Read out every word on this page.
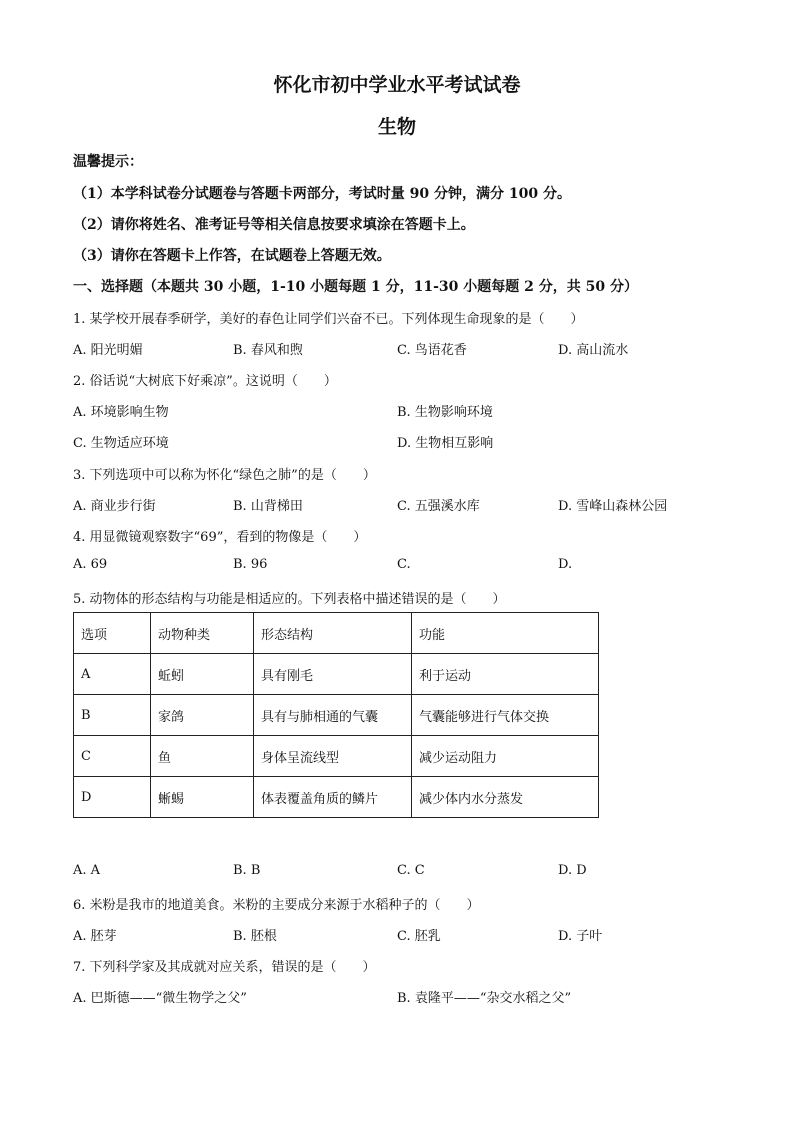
怀化市初中学业水平考试试卷
生物
温馨提示：
（1）本学科试卷分试题卷与答题卡两部分，考试时量 90 分钟，满分 100 分。
（2）请你将姓名、准考证号等相关信息按要求填涂在答题卡上。
（3）请你在答题卡上作答，在试题卷上答题无效。
一、选择题（本题共 30 小题，1-10 小题每题 1 分，11-30 小题每题 2 分，共 50 分）
1. 某学校开展春季研学，美好的春色让同学们兴奋不已。下列体现生命现象的是（　　）
A. 阳光明媚	B. 春风和煦	C. 鸟语花香	D. 高山流水
2. 俗话说“大树底下好乘凉”。这说明（　　）
A. 环境影响生物	B. 生物影响环境
C. 生物适应环境	D. 生物相互影响
3. 下列选项中可以称为怀化“绿色之肺”的是（　　）
A. 商业步行街	B. 山背梯田	C. 五强溪水库	D. 雪峰山森林公园
4. 用显微镜观察数字“69”，看到的物像是（　　）
A. 69	B. 96	C.	D.
5. 动物体的形态结构与功能是相适应的。下列表格中描述错误的是（　　）
选项	动物种类	形态结构	功能
A	蚯蚓	具有刚毛	利于运动
B	家鸽	具有与肺相通的气囊	气囊能够进行气体交换
C	鱼	身体呈流线型	减少运动阻力
D	蜥蜴	体表覆盖角质的鳞片	减少体内水分蒸发
A. A	B. B	C. C	D. D
6. 米粉是我市的地道美食。米粉的主要成分来源于水稻种子的（　　）
A. 胚芽	B. 胚根	C. 胚乳	D. 子叶
7. 下列科学家及其成就对应关系，错误的是（　　）
A. 巴斯德——“微生物学之父”	B. 袁隆平——“杂交水稻之父”
